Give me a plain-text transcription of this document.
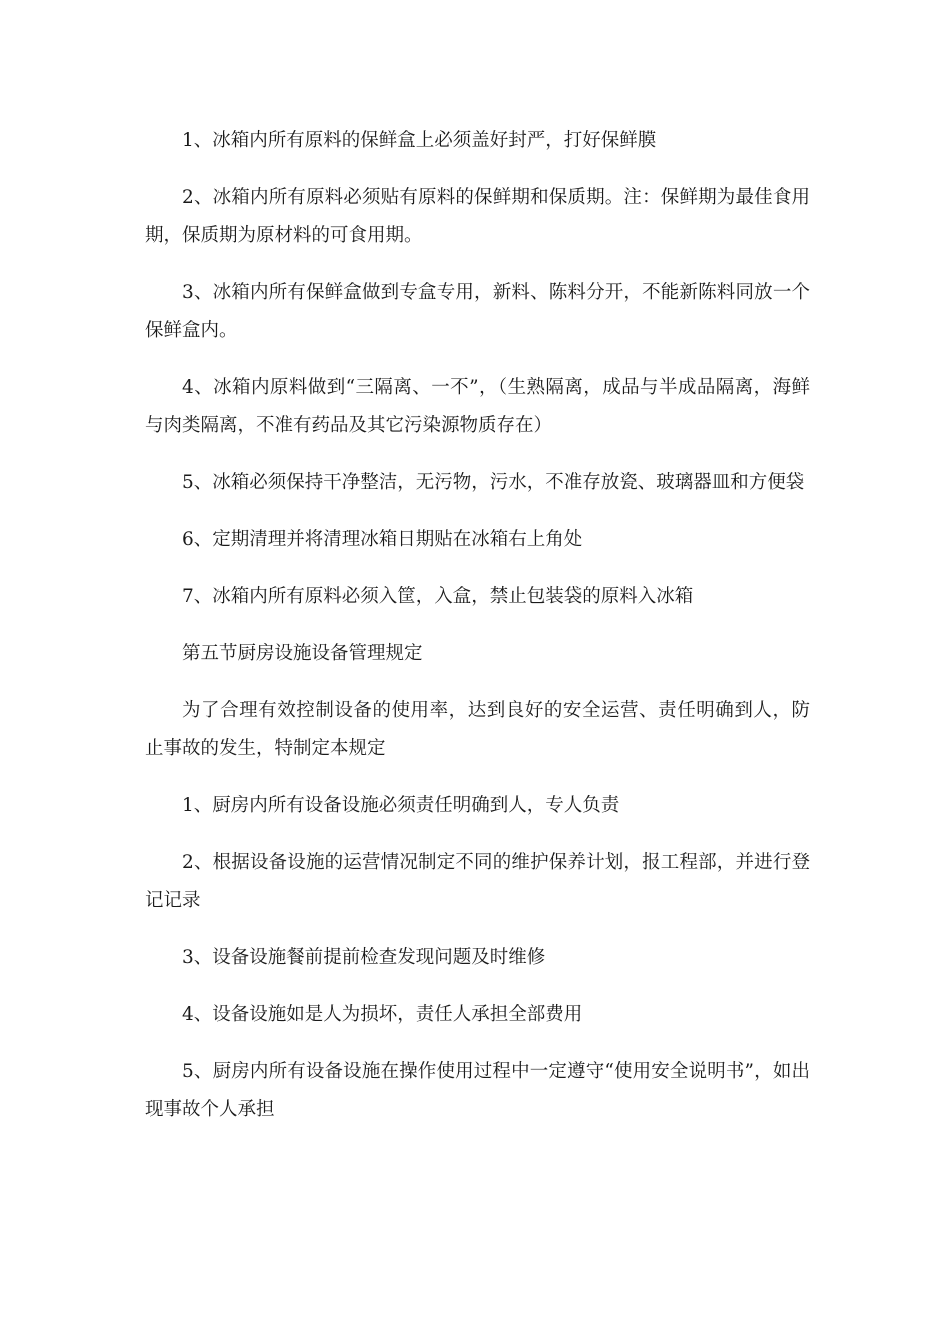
1、冰箱内所有原料的保鲜盒上必须盖好封严，打好保鲜膜

2、冰箱内所有原料必须贴有原料的保鲜期和保质期。注：保鲜期为最佳食用期，保质期为原材料的可食用期。

3、冰箱内所有保鲜盒做到专盒专用，新料、陈料分开，不能新陈料同放一个保鲜盒内。

4、冰箱内原料做到“三隔离、一不”，（生熟隔离，成品与半成品隔离，海鲜与肉类隔离，不准有药品及其它污染源物质存在）

5、冰箱必须保持干净整洁，无污物，污水，不准存放瓷、玻璃器皿和方便袋

6、定期清理并将清理冰箱日期贴在冰箱右上角处

7、冰箱内所有原料必须入筐，入盒，禁止包装袋的原料入冰箱

第五节厨房设施设备管理规定

为了合理有效控制设备的使用率，达到良好的安全运营、责任明确到人，防止事故的发生，特制定本规定

1、厨房内所有设备设施必须责任明确到人，专人负责

2、根据设备设施的运营情况制定不同的维护保养计划，报工程部，并进行登记记录

3、设备设施餐前提前检查发现问题及时维修

4、设备设施如是人为损坏，责任人承担全部费用

5、厨房内所有设备设施在操作使用过程中一定遵守“使用安全说明书”，如出现事故个人承担
